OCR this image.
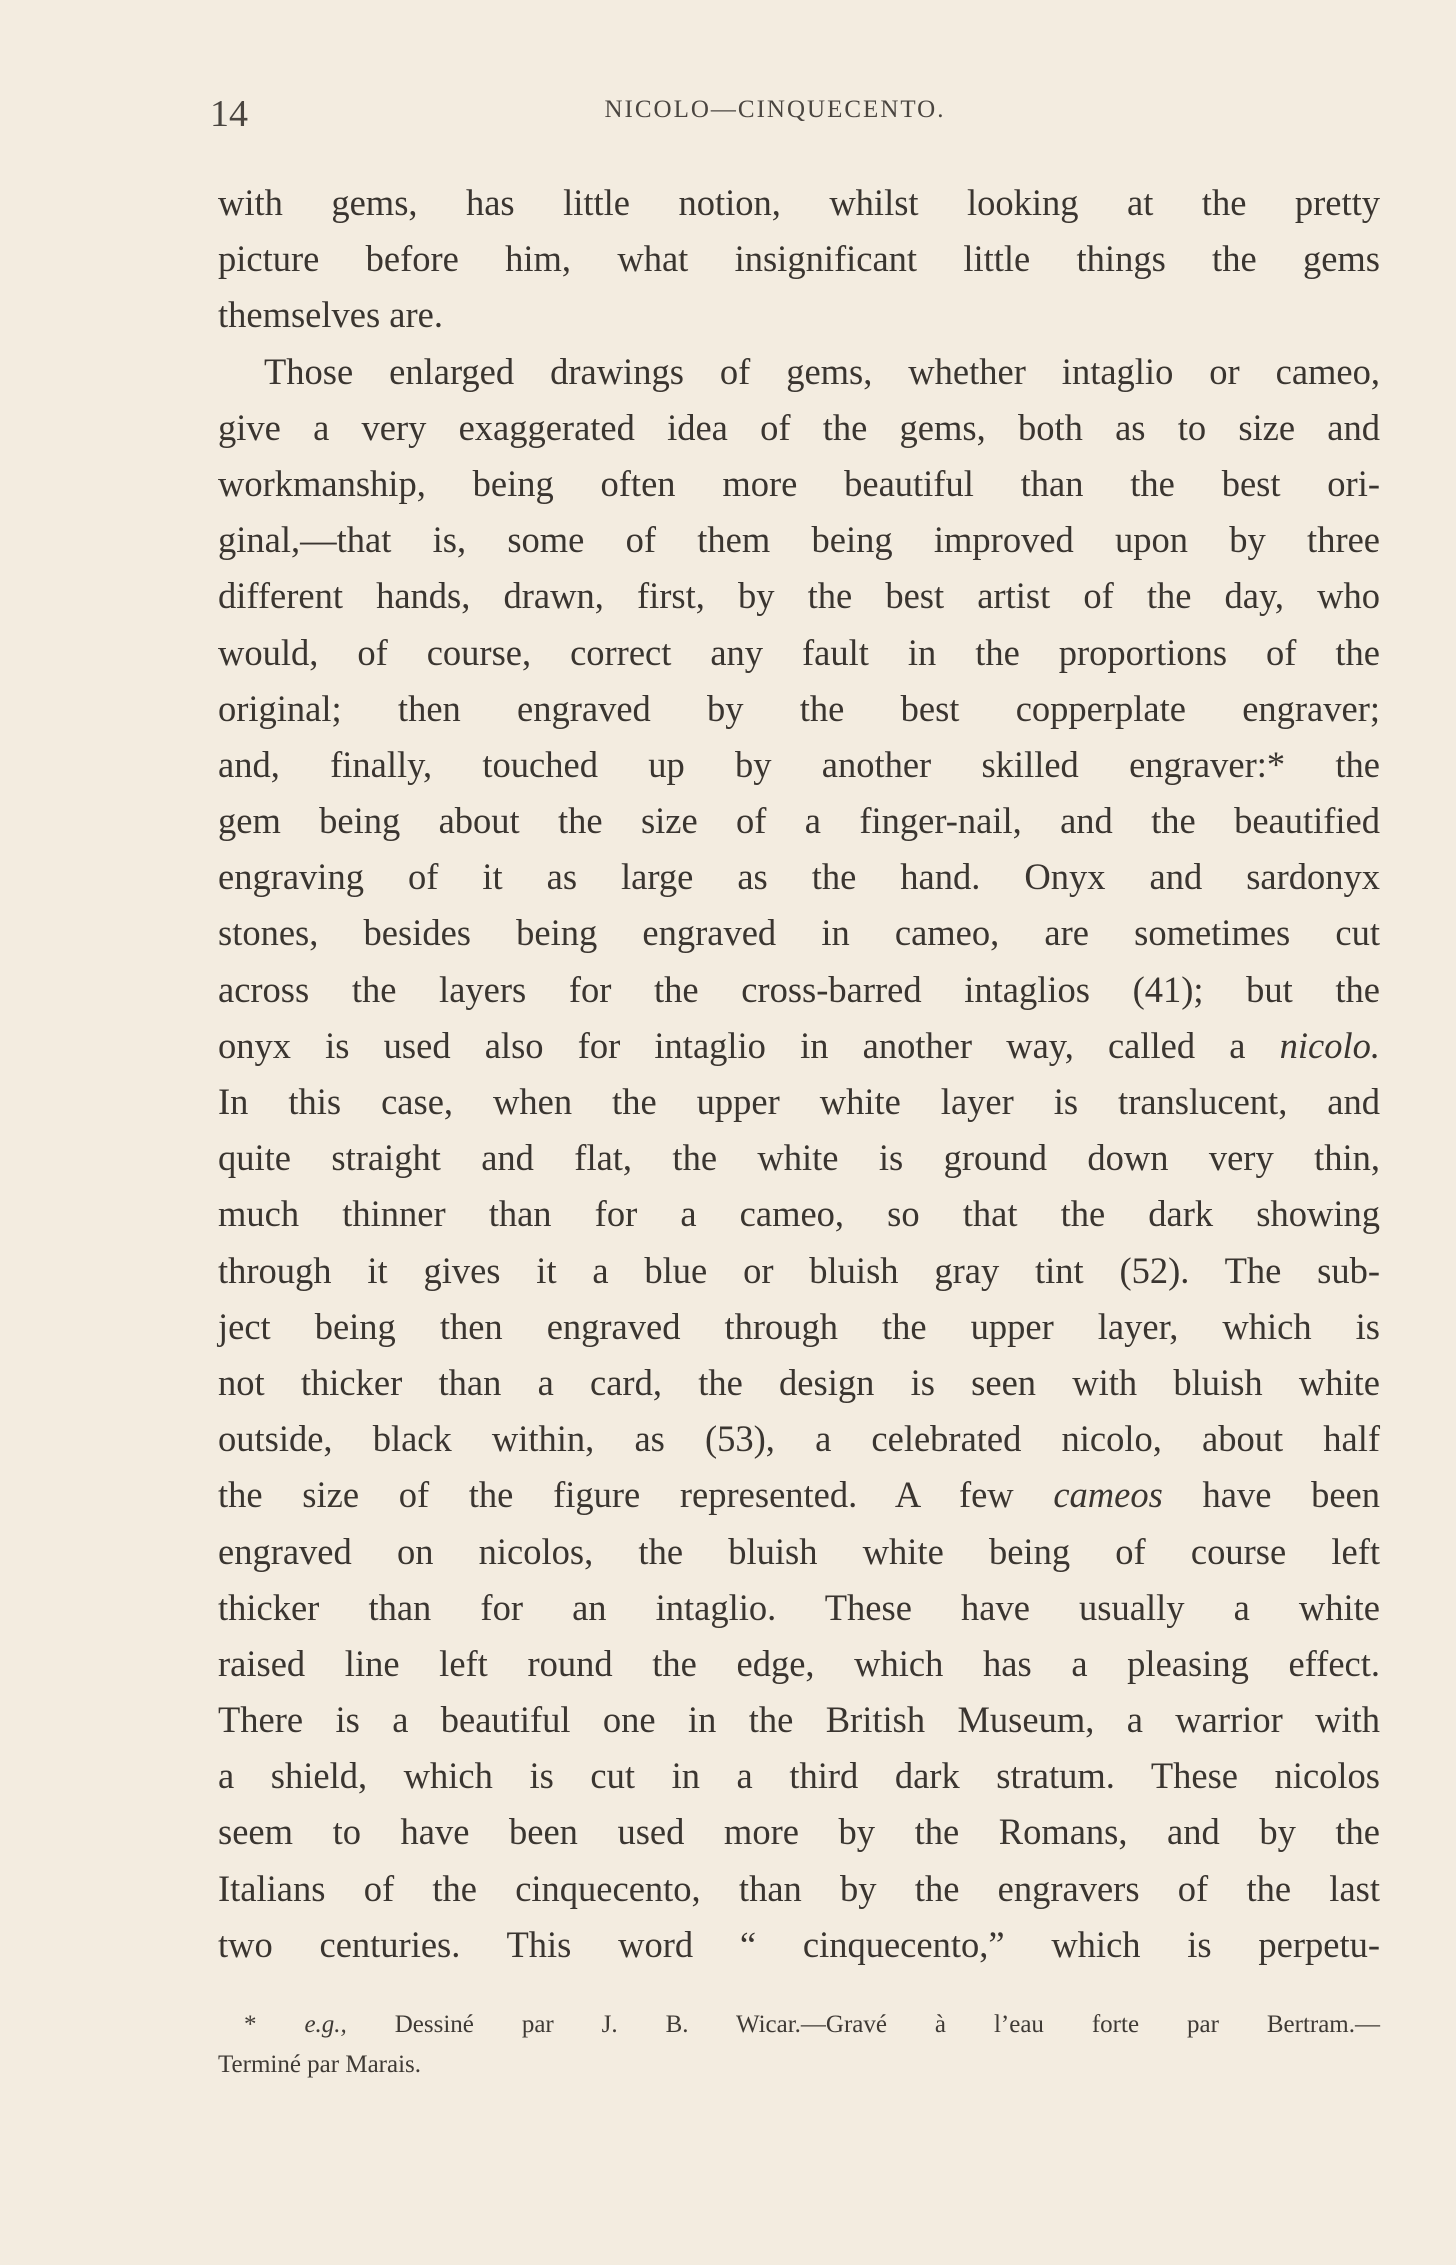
14	NICOLO—CINQUECENTO.
with gems, has little notion, whilst looking at the pretty
picture before him, what insignificant little things the gems
themselves are.
Those enlarged drawings of gems, whether intaglio or cameo,
give a very exaggerated idea of the gems, both as to size and
workmanship, being often more beautiful than the best ori-
ginal,—that is, some of them being improved upon by three
different hands, drawn, first, by the best artist of the day, who
would, of course, correct any fault in the proportions of the
original; then engraved by the best copperplate engraver;
and, finally, touched up by another skilled engraver:* the
gem being about the size of a finger-nail, and the beautified
engraving of it as large as the hand. Onyx and sardonyx
stones, besides being engraved in cameo, are sometimes cut
across the layers for the cross-barred intaglios (41); but the
onyx is used also for intaglio in another way, called a nicolo.
In this case, when the upper white layer is translucent, and
quite straight and flat, the white is ground down very thin,
much thinner than for a cameo, so that the dark showing
through it gives it a blue or bluish gray tint (52). The sub-
ject being then engraved through the upper layer, which is
not thicker than a card, the design is seen with bluish white
outside, black within, as (53), a celebrated nicolo, about half
the size of the figure represented. A few cameos have been
engraved on nicolos, the bluish white being of course left
thicker than for an intaglio. These have usually a white
raised line left round the edge, which has a pleasing effect.
There is a beautiful one in the British Museum, a warrior with
a shield, which is cut in a third dark stratum. These nicolos
seem to have been used more by the Romans, and by the
Italians of the cinquecento, than by the engravers of the last
two centuries. This word “ cinquecento,” which is perpetu-
* e.g., Dessiné par J. B. Wicar.—Gravé à l’eau forte par Bertram.—
Terminé par Marais.
